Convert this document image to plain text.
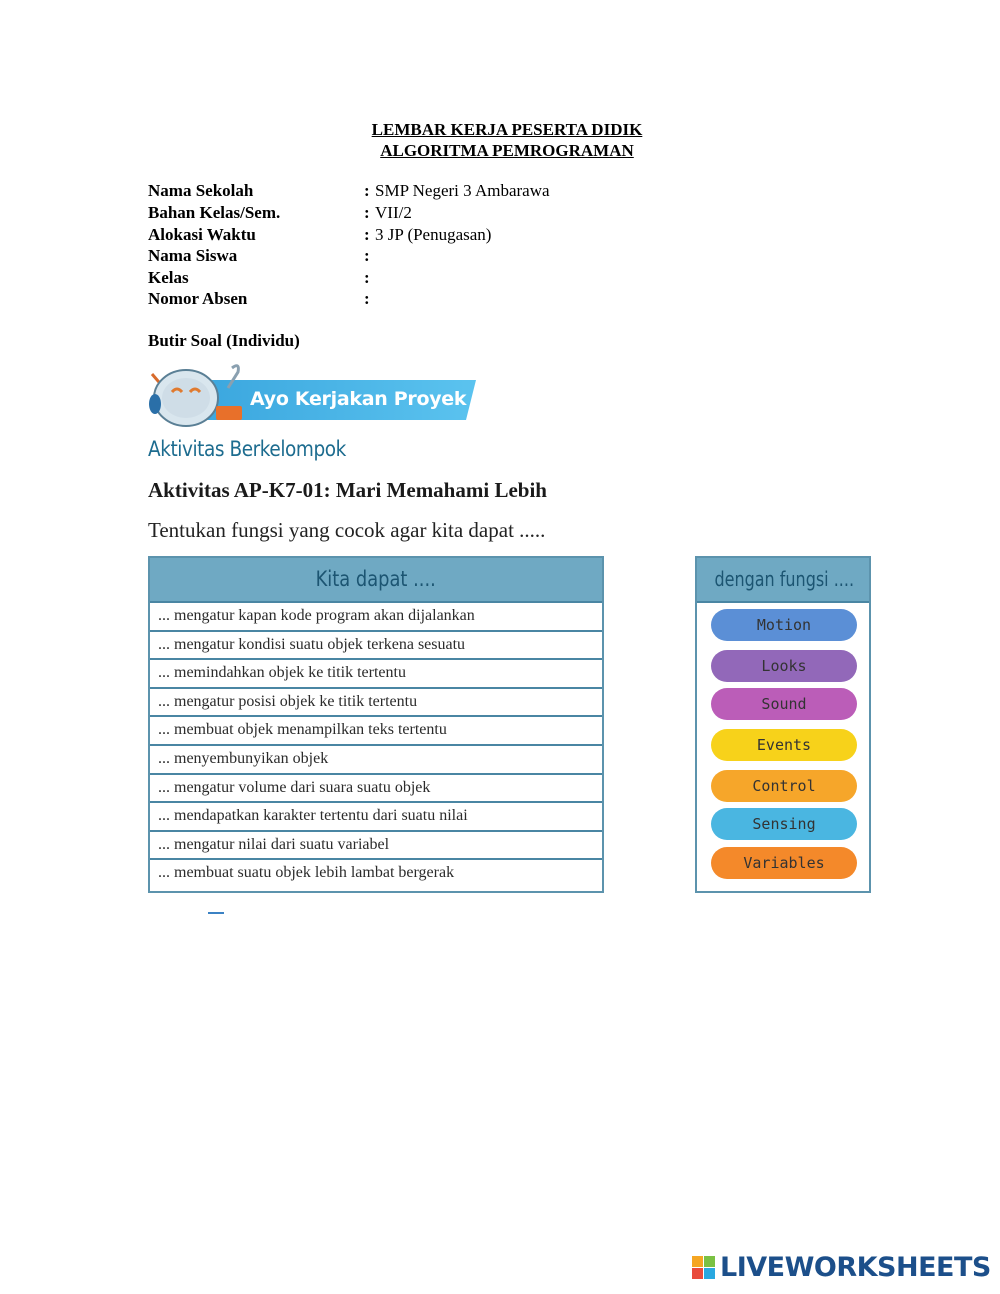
LEMBAR KERJA PESERTA DIDIK
ALGORITMA PEMROGRAMAN
Nama Sekolah	: SMP Negeri 3 Ambarawa
Bahan Kelas/Sem.	: VII/2
Alokasi Waktu	: 3 JP (Penugasan)
Nama Siswa	:
Kelas	:
Nomor Absen	:
Butir Soal (Individu)
Ayo Kerjakan Proyek
Aktivitas Berkelompok
Aktivitas AP-K7-01: Mari Memahami Lebih
Tentukan fungsi yang cocok agar kita dapat .....
Kita dapat ....
... mengatur kapan kode program akan dijalankan
... mengatur kondisi suatu objek terkena sesuatu
... memindahkan objek ke titik tertentu
... mengatur posisi objek ke titik tertentu
... membuat objek menampilkan teks tertentu
... menyembunyikan objek
... mengatur volume dari suara suatu objek
... mendapatkan karakter tertentu dari suatu nilai
... mengatur nilai dari suatu variabel
... membuat suatu objek lebih lambat bergerak
dengan fungsi ....
Motion
Looks
Sound
Events
Control
Sensing
Variables
LIVEWORKSHEETS
